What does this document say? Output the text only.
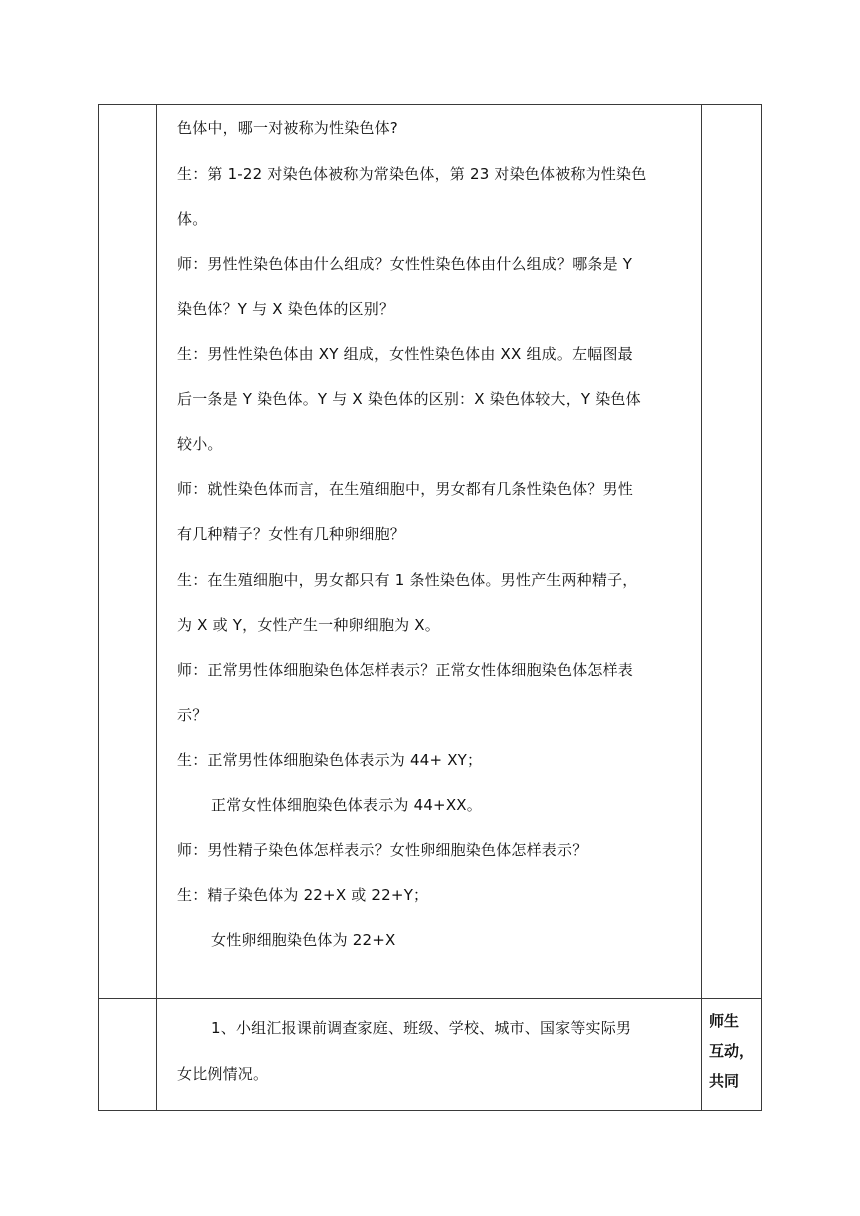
色体中，哪一对被称为性染色体?
生：第 1-22 对染色体被称为常染色体，第 23 对染色体被称为性染色
体。
师：男性性染色体由什么组成？女性性染色体由什么组成？哪条是 Y
染色体？Y 与 X 染色体的区别？
生：男性性染色体由 XY 组成，女性性染色体由 XX 组成。左幅图最
后一条是 Y 染色体。Y 与 X 染色体的区别：X 染色体较大，Y 染色体
较小。
师：就性染色体而言，在生殖细胞中，男女都有几条性染色体？男性
有几种精子？女性有几种卵细胞？
生：在生殖细胞中，男女都只有 1 条性染色体。男性产生两种精子，
为 X 或 Y，女性产生一种卵细胞为 X。
师：正常男性体细胞染色体怎样表示？正常女性体细胞染色体怎样表
示？
生：正常男性体细胞染色体表示为 44+ XY；
正常女性体细胞染色体表示为 44+XX。
师：男性精子染色体怎样表示？女性卵细胞染色体怎样表示？
生：精子染色体为 22+X 或 22+Y；
女性卵细胞染色体为 22+X
1、小组汇报课前调查家庭、班级、学校、城市、国家等实际男
女比例情况。
师生
互动，
共同
